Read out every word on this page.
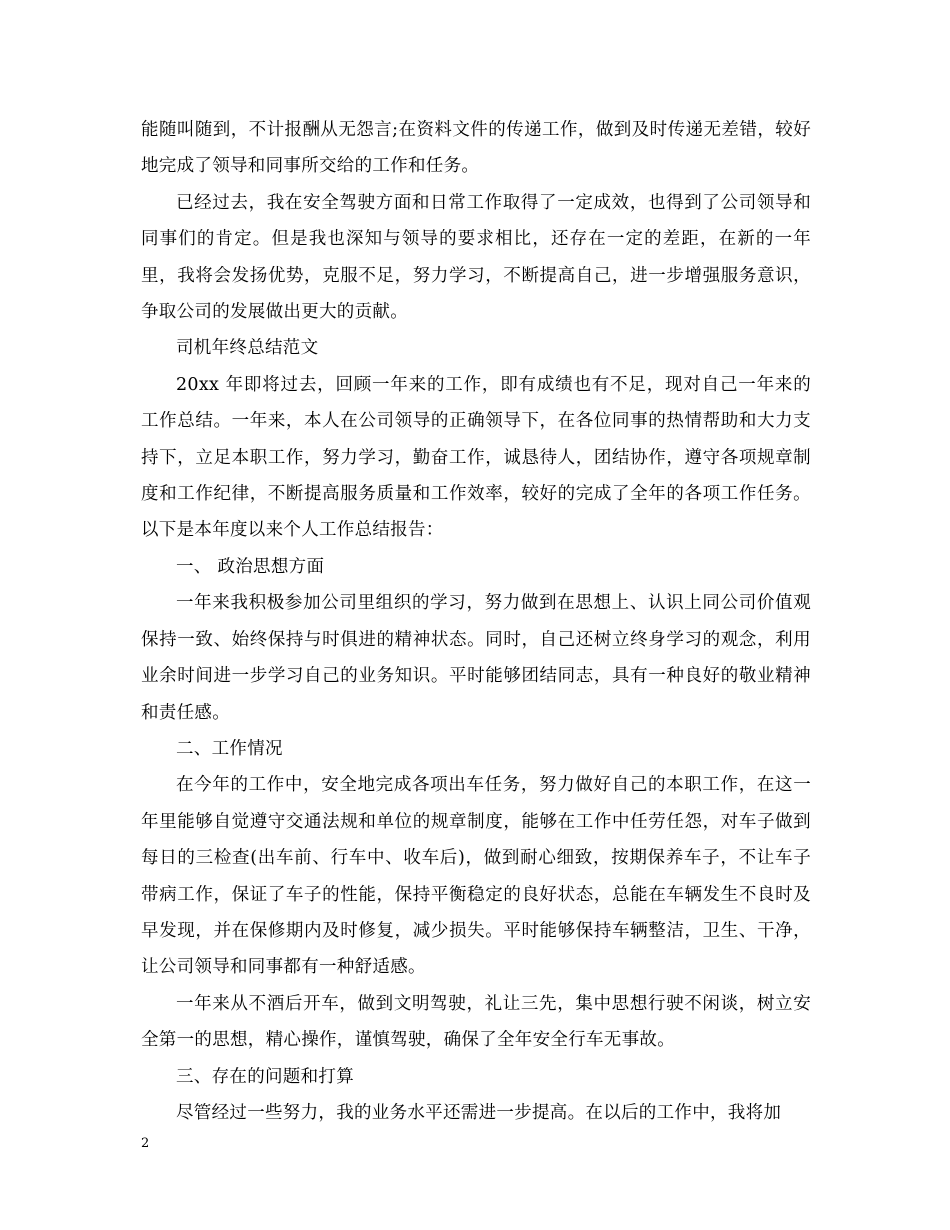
能随叫随到，不计报酬从无怨言;在资料文件的传递工作，做到及时传递无差错，较好地完成了领导和同事所交给的工作和任务。

已经过去，我在安全驾驶方面和日常工作取得了一定成效，也得到了公司领导和同事们的肯定。但是我也深知与领导的要求相比，还存在一定的差距，在新的一年里，我将会发扬优势，克服不足，努力学习，不断提高自己，进一步增强服务意识，争取公司的发展做出更大的贡献。

司机年终总结范文

20xx 年即将过去，回顾一年来的工作，即有成绩也有不足，现对自己一年来的工作总结。一年来，本人在公司领导的正确领导下，在各位同事的热情帮助和大力支持下，立足本职工作，努力学习，勤奋工作，诚恳待人，团结协作，遵守各项规章制度和工作纪律，不断提高服务质量和工作效率，较好的完成了全年的各项工作任务。以下是本年度以来个人工作总结报告：

一、 政治思想方面

一年来我积极参加公司里组织的学习，努力做到在思想上、认识上同公司价值观保持一致、始终保持与时俱进的精神状态。同时，自己还树立终身学习的观念，利用业余时间进一步学习自己的业务知识。平时能够团结同志，具有一种良好的敬业精神和责任感。

二、工作情况

在今年的工作中，安全地完成各项出车任务，努力做好自己的本职工作，在这一年里能够自觉遵守交通法规和单位的规章制度，能够在工作中任劳任怨，对车子做到每日的三检查(出车前、行车中、收车后)，做到耐心细致，按期保养车子，不让车子带病工作，保证了车子的性能，保持平衡稳定的良好状态，总能在车辆发生不良时及早发现，并在保修期内及时修复，减少损失。平时能够保持车辆整洁，卫生、干净，让公司领导和同事都有一种舒适感。

一年来从不酒后开车，做到文明驾驶，礼让三先，集中思想行驶不闲谈，树立安全第一的思想，精心操作，谨慎驾驶，确保了全年安全行车无事故。

三、存在的问题和打算

尽管经过一些努力，我的业务水平还需进一步提高。在以后的工作中，我将加

2
